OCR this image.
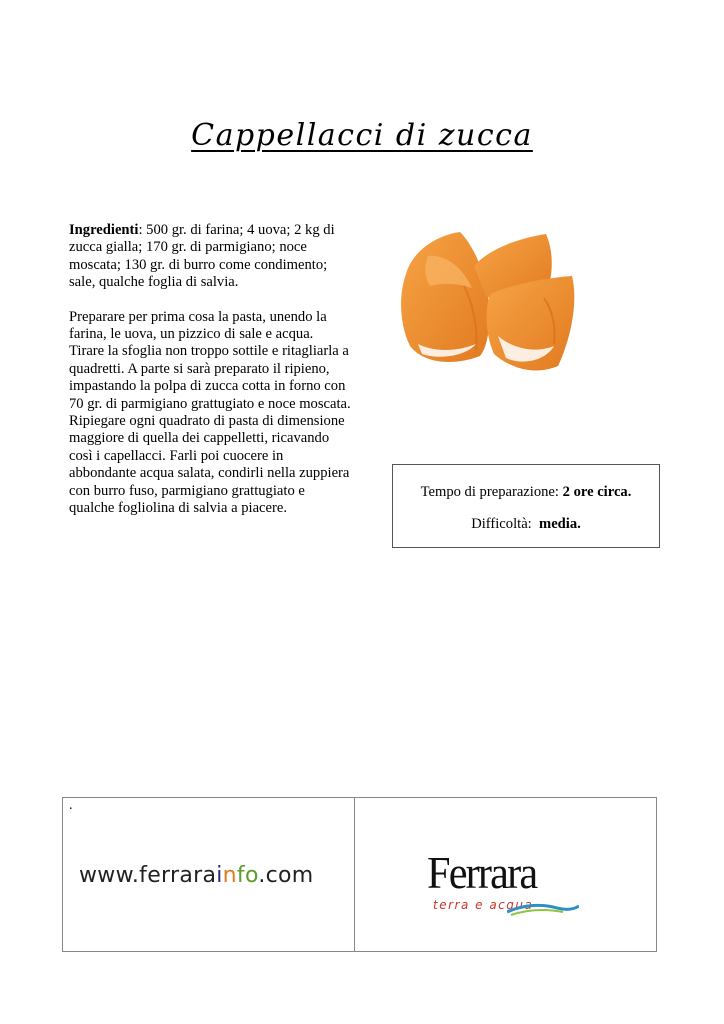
Cappellacci di zucca

Ingredienti: 500 gr. di farina; 4 uova; 2 kg di zucca gialla; 170 gr. di parmigiano; noce moscata; 130 gr. di burro come condimento; sale, qualche foglia di salvia.

Preparare per prima cosa la pasta, unendo la farina, le uova, un pizzico di sale e acqua. Tirare la sfoglia non troppo sottile e ritagliarla a quadretti. A parte si sarà preparato il ripieno, impastando la polpa di zucca cotta in forno con 70 gr. di parmigiano grattugiato e noce moscata.

Ripiegare ogni quadrato di pasta di dimensione maggiore di quella dei cappelletti, ricavando così i capellacci. Farli poi cuocere in abbondante acqua salata, condirli nella zuppiera con burro fuso, parmigiano grattugiato e qualche fogliolina di salvia a piacere.

Tempo di preparazione: 2 ore circa.
Difficoltà:  media.
.
www.ferrarainfo.com Ferrara
terra e acqua
